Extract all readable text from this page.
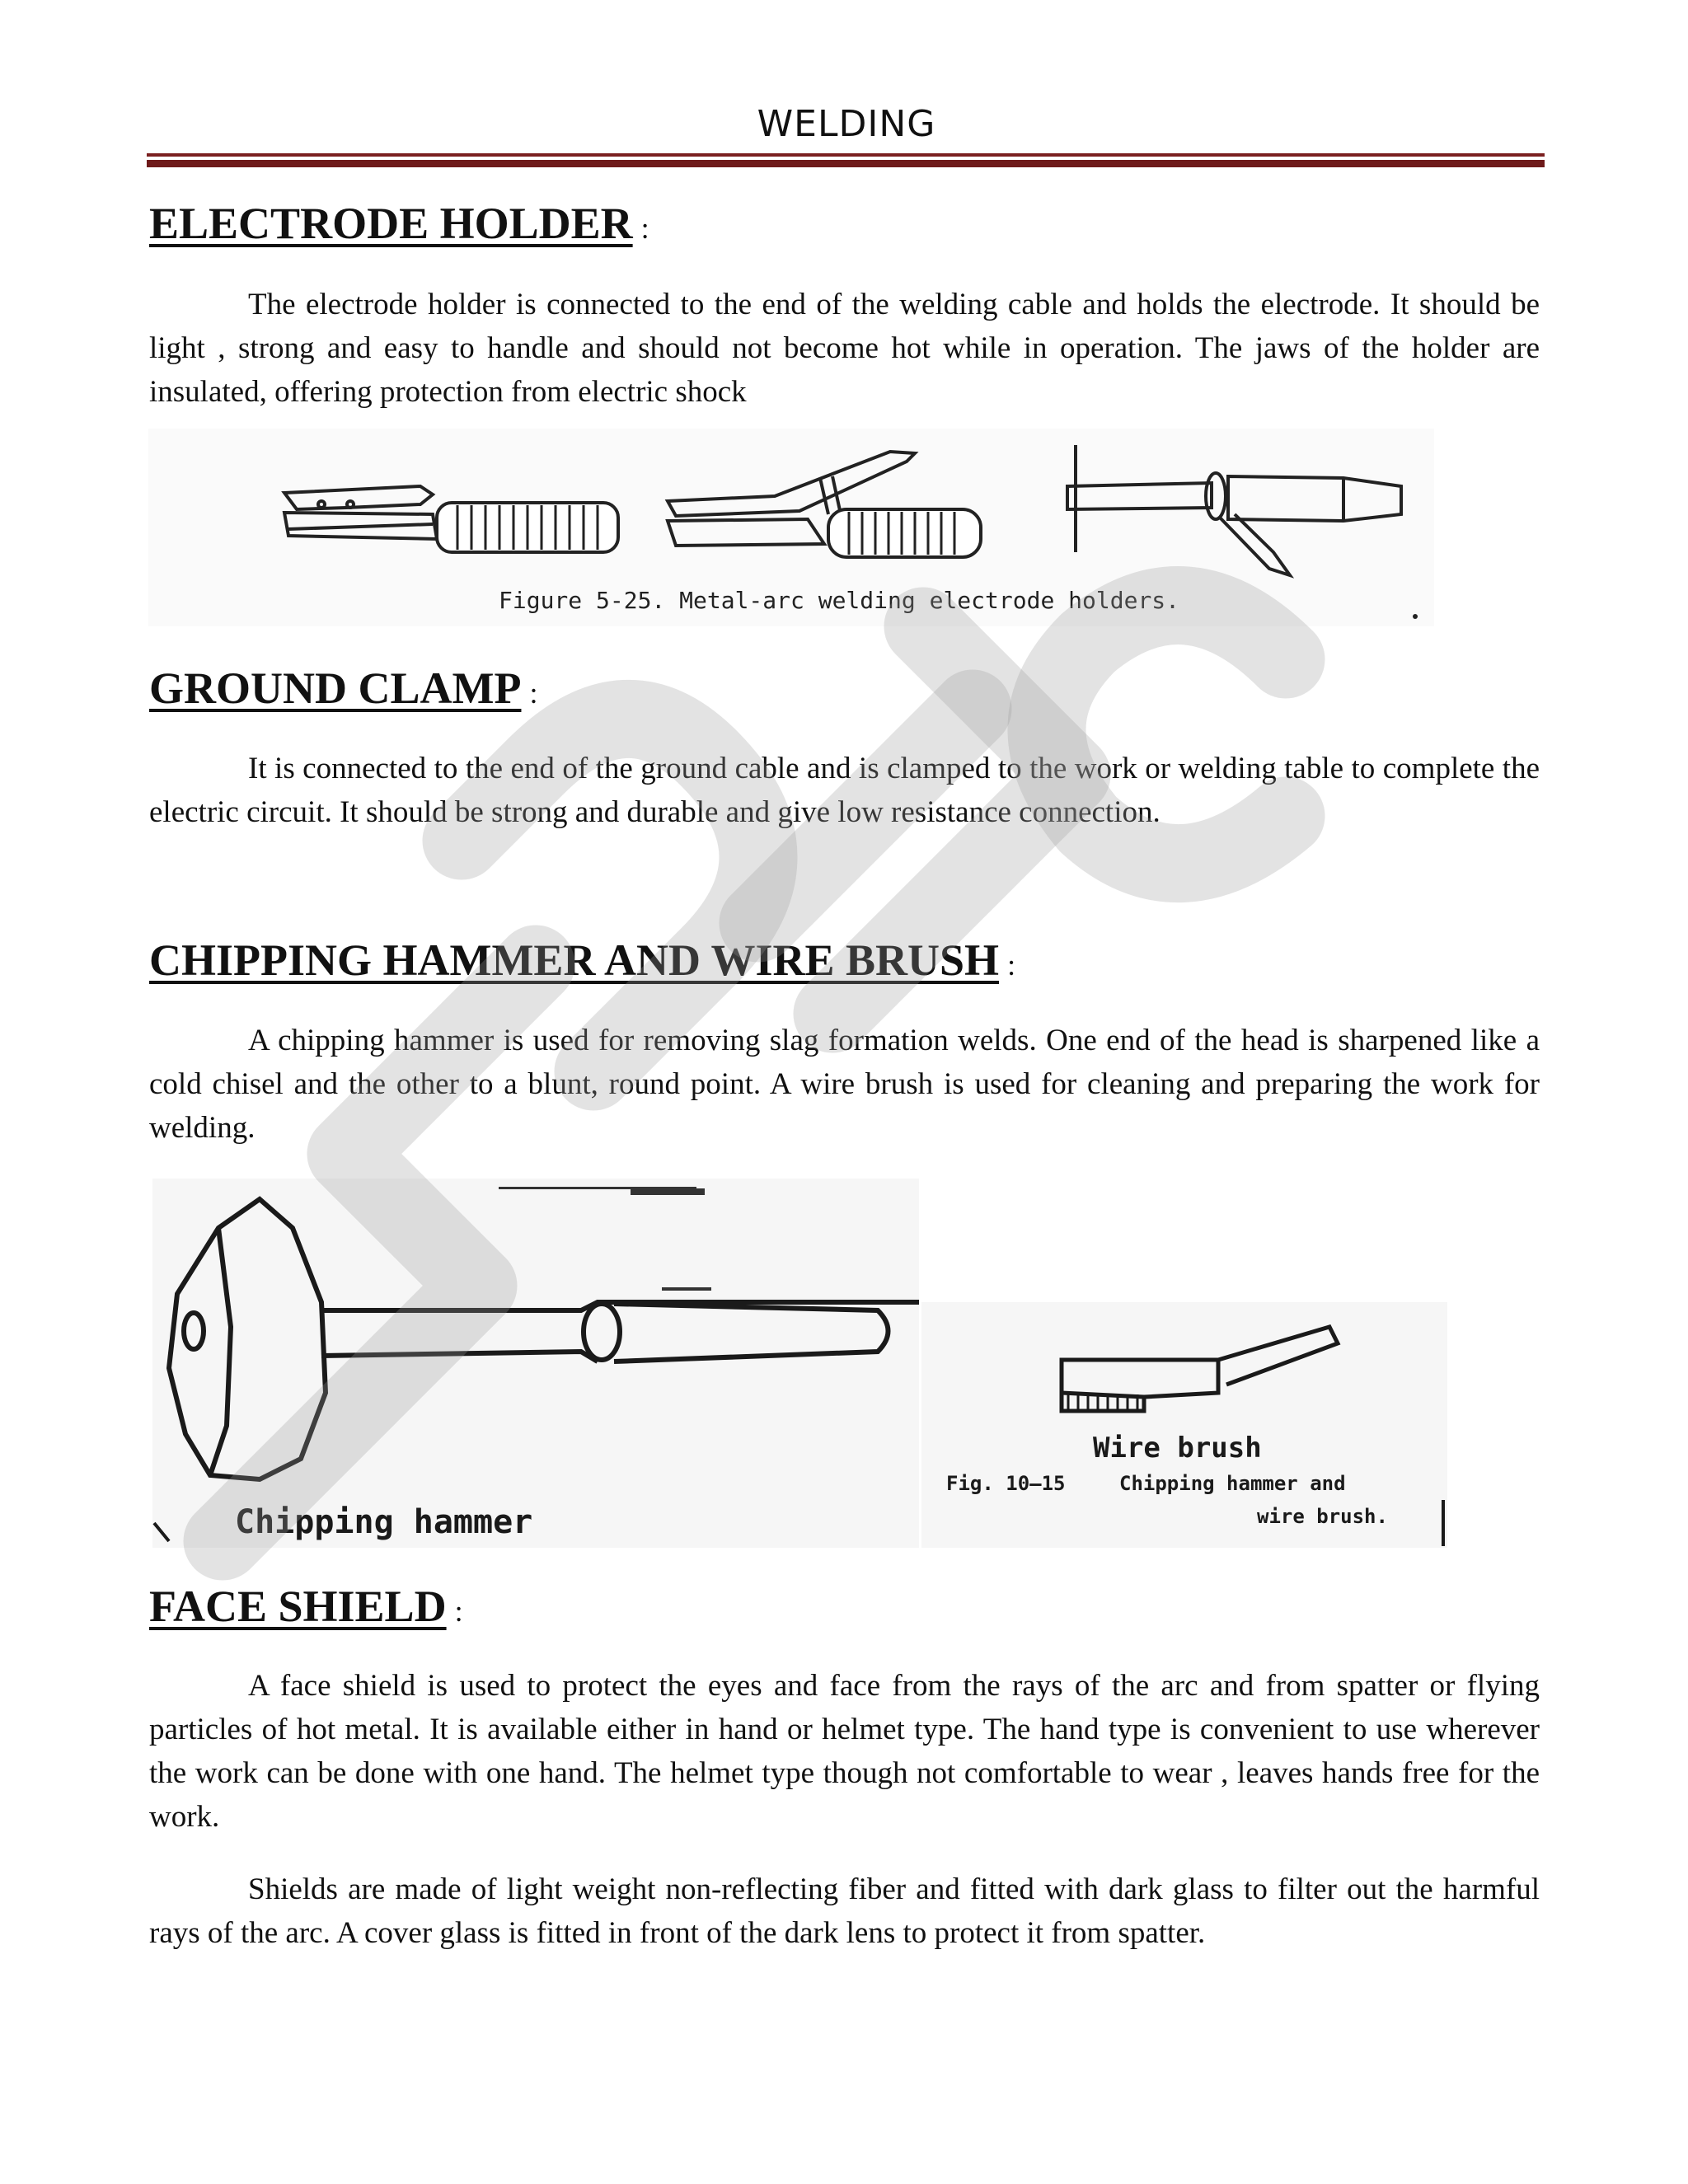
WELDING
ELECTRODE HOLDER :

The electrode holder is connected to the end of the welding cable and holds the electrode. It should be light , strong and easy to handle and should not become hot while in operation. The jaws of the holder are insulated, offering protection from electric shock

Figure 5-25. Metal-arc welding electrode holders.
GROUND CLAMP :

It is connected to the end of the ground cable and is clamped to the work or welding table to complete the electric circuit. It should be strong and durable and give low resistance connection.

CHIPPING HAMMER AND WIRE BRUSH :

A chipping hammer is used for removing slag formation welds. One end of the head is sharpened like a cold chisel and the other to a blunt, round point. A wire brush is used for cleaning and preparing the work for welding.

Chipping hammer
Wire brush
Fig. 10—15	Chipping hammer and
wire brush.
FACE SHIELD :

A face shield is used to protect the eyes and face from the rays of the arc and from spatter or flying particles of hot metal. It is available either in hand or helmet type. The hand type is convenient to use wherever the work can be done with one hand. The helmet type though not comfortable to wear , leaves hands free for the work.

Shields are made of light weight non-reflecting fiber and fitted with dark glass to filter out the harmful rays of the arc. A cover glass is fitted in front of the dark lens to protect it from spatter.
